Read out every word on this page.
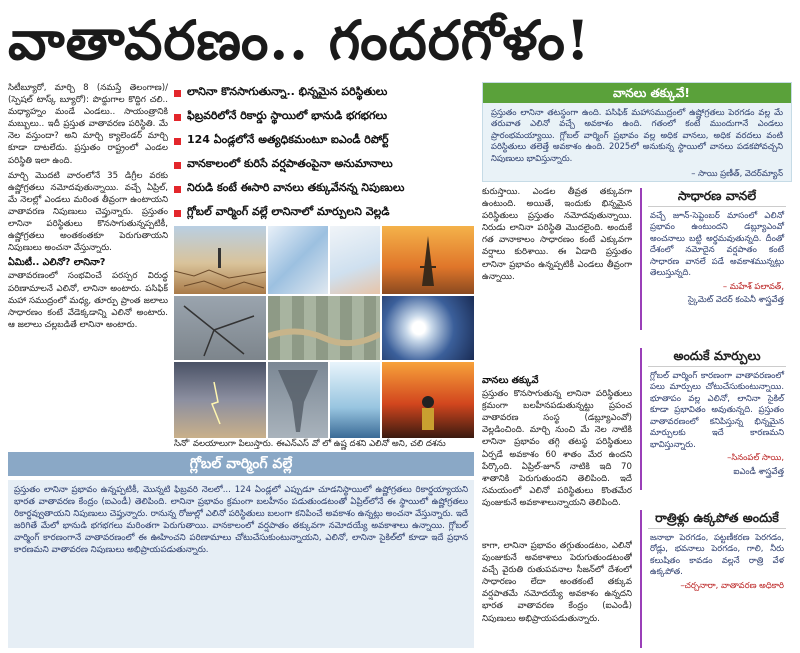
వాతావరణం.. గందరగోళం!

సిటీబ్యూరో, మార్చి 8 (నమస్తే తెలంగాణ)/ (స్పెషల్ టాస్క్ బ్యూరో): పొద్దుగాల కొద్దిగ చలి.. మధ్యాహ్నం మండే ఎండలు.. సాయంత్రానికి మబ్బులు.. ఇదీ ప్రస్తుత వాతావరణ పరిస్థితి. మే నెల వస్తుందా? అని మార్చి క్యాలెండర్ మార్చి కూడా దాటలేదు. ప్రస్తుతం రాష్ట్రంలో ఎండల పరిస్థితి ఇలా ఉంది.

మార్చి మొదటి వారంలోనే 35 డిగ్రీల వరకు ఉష్ణోగ్రతలు నమోదవుతున్నాయి. వచ్చే ఏప్రిల్, మే నెలల్లో ఎండలు మరింత తీవ్రంగా ఉంటాయని వాతావరణ నిపుణులు చెప్తున్నారు. ప్రస్తుతం లానినా పరిస్థితులు కొనసాగుతున్నప్పటికీ, ఉష్ణోగ్రతలు అంతకంతకూ పెరుగుతాయని నిపుణులు అంచనా వేస్తున్నారు.

ఏమిటీ.. ఎలినో? లానినా?

వాతావరణంలో సంభవించే పరస్పర విరుద్ధ పరిణామాలనే ఎలినో, లానినా అంటారు. పసిఫిక్ మహా సముద్రంలో మధ్య, తూర్పు ప్రాంత జలాలు సాధారణం కంటే వేడెక్కడాన్ని ఎలినో అంటారు. ఆ జలాలు చల్లబడితే లానినా అంటారు.

లానినా కొనసాగుతున్నా.. భిన్నమైన పరిస్థితులు
ఫిబ్రవరిలోనే రికార్డు స్థాయిలో భానుడి భగభగలు
124 ఏండ్లలోనే అత్యధికమంటూ ఐఎండీ రిపోర్ట్
వానకాలంలో కురిసే వర్షపాతంపైనా అనుమానాలు
నిరుడి కంటే ఈసారి వానలు తక్కువేనన్న నిపుణులు
గ్లోబల్ వార్మింగ్ వల్లే లానినాలో మార్పులని వెల్లడి
సినో' వలయాలుగా పిలుస్తారు. ఈఎన్ఎస్ వో లో ఉష్ణ దశని ఎలినో అని, చలి దశను

కురుస్తాయి. ఎండల తీవ్రత తక్కువగా ఉంటుంది. అయితే, ఇందుకు భిన్నమైన పరిస్థితులు ప్రస్తుతం నమోదవుతున్నాయి. నిరుడు లానినా పరిస్థితి మొదలైంది. అందుకే గత వానాకాలం సాధారణం కంటే ఎక్కువగా వర్షాలు కురిశాయి. ఈ ఏడాది ప్రస్తుతం లానినా ప్రభావం ఉన్నప్పటికీ ఎండలు తీవ్రంగా ఉన్నాయి.

వానలు తక్కువే

ప్రస్తుతం కొనసాగుతున్న లానినా పరిస్థితులు క్రమంగా బలహీనపడుతున్నట్టు ప్రపంచ వాతావరణ సంస్థ (డబ్ల్యూఎంవో) వెల్లడించింది. మార్చి నుంచి మే నెల నాటికి లానినా ప్రభావం తగ్గి తటస్థ పరిస్థితులు ఏర్పడే అవకాశం 60 శాతం మేర ఉందని పేర్కొంది. ఏప్రిల్-జూన్ నాటికి ఇది 70 శాతానికి పెరుగుతుందని తెలిపింది. ఇదే సమయంలో ఎలినో పరిస్థితులు కొంతమేర పుంజుకునే అవకాశాలున్నాయని తెలిపింది.

వానలు తక్కువే!
ప్రస్తుతం లానినా తటస్థంగా ఉంది. పసిఫిక్ మహాసముద్రంలో ఉష్ణోగ్రతలు పెరగడం వల్ల మే తరువాత ఎలినో వచ్చే అవకాశం ఉంది. గతంలో కంటే ముందుగానే ఎండలు ప్రారంభమయ్యాయి. గ్లోబల్ వార్మింగ్ ప్రభావం వల్ల అధిక వానలు, అధిక వరదలు వంటి పరిస్థితులు తలెత్తే అవకాశం ఉంది. 2025లో అనుకున్న స్థాయిలో వానలు పడకపోవచ్చని నిపుణులు భావిస్తున్నారు.
– సాయి ప్రణీత్, వెదర్‌మ్యాన్
సాధారణ వానలే
వచ్చే జూన్-సెప్టెంబర్ మాసంలో ఎలినో ప్రభావం ఉంటుందని డబ్ల్యూఎంవో అంచనాలు బట్టి అర్థమవుతున్నది. దీంతో దేశంలో నమోదైన వర్షపాతం కంటే సాధారణ వానలే పడే అవకాశమున్నట్లు తెలుస్తున్నది.
– మహేశ్ పలావత్,
స్కైమెట్ వెదర్ కంపెనీ శాస్త్రవేత్త
అందుకే మార్పులు
గ్లోబల్ వార్మింగ్ కారణంగా వాతావరణంలో పలు మార్పులు చోటుచేసుకుంటున్నాయి. భూతాపం వల్ల ఎలినో, లానినా సైకిల్ కూడా ప్రభావితం అవుతున్నది. ప్రస్తుతం వాతావరణంలో కనిపిస్తున్న భిన్నమైన మార్పులకు ఇదే కారణమని భావిస్తున్నారు.
–సినంపల్ సాయి,
ఐఎండీ శాస్త్రవేత్త
రాత్రిళ్లు ఉక్కపోత అందుకే
జనాభా పెరగడం, పట్టణీకరణ పెరగడం, రోడ్లు, భవనాలు పెరగడం, గాలి, నీరు కలుషితం కావడం వల్లనే రాత్రి వేళ ఉక్కపోత.
–చర్చనారా, వాతావరణ అధికారి
గ్లోబల్ వార్మింగ్ వల్లే

ప్రస్తుతం లానినా ప్రభావం ఉన్నప్పటికీ, మొన్నటి ఫిబ్రవరి నెలలో... 124 ఏండ్లలో ఎప్పుడూ చూడనిస్థాయిలో ఉష్ణోగ్రతలు రికార్డయ్యాయని భారత వాతావరణ కేంద్రం (ఐఎండీ) తెలిపింది. లానినా ప్రభావం క్రమంగా బలహీనం పడుతుండటంతో ఏప్రిల్‌లోనే ఈ స్థాయిలో ఉష్ణోగ్రతలు రికార్డవ్వుతాయని నిపుణులు చెప్తున్నారు. రానున్న రోజుల్లో ఎలినో పరిస్థితులు బలంగా కనిపించే అవకాశం ఉన్నట్లు అంచనా వేస్తున్నారు. ఇదే జరిగితే మేలో భానుడి భగభగలు మరింతగా పెరుగుతాయి. వానకాలంలో వర్షపాతం తక్కువగా నమోదయ్యే అవకాశాలు ఉన్నాయి. గ్లోబల్ వార్మింగ్ కారణంగానే వాతావరణంలో ఈ ఊహించని పరిణామాలు చోటుచేసుకుంటున్నాయని, ఎలినో, లానినా సైకిల్‌లో కూడా ఇదే ప్రధాన కారణమని వాతావరణ నిపుణులు అభిప్రాయపడుతున్నారు.	కాగా, లానినా ప్రభావం తగ్గుతుండటం, ఎలినో పుంజుకునే అవకాశాలు పెరుగుతుండటంతో వచ్చే వైరుతి రుతుపవనాల సీజన్‌లో దేశంలో సాధారణం లేదా అంతకంటే తక్కువ వర్షపాతమే నమోదయ్యే అవకాశం ఉన్నదని భారత వాతావరణ కేంద్రం (ఐఎండీ) నిపుణులు అభిప్రాయపడుతున్నారు.
